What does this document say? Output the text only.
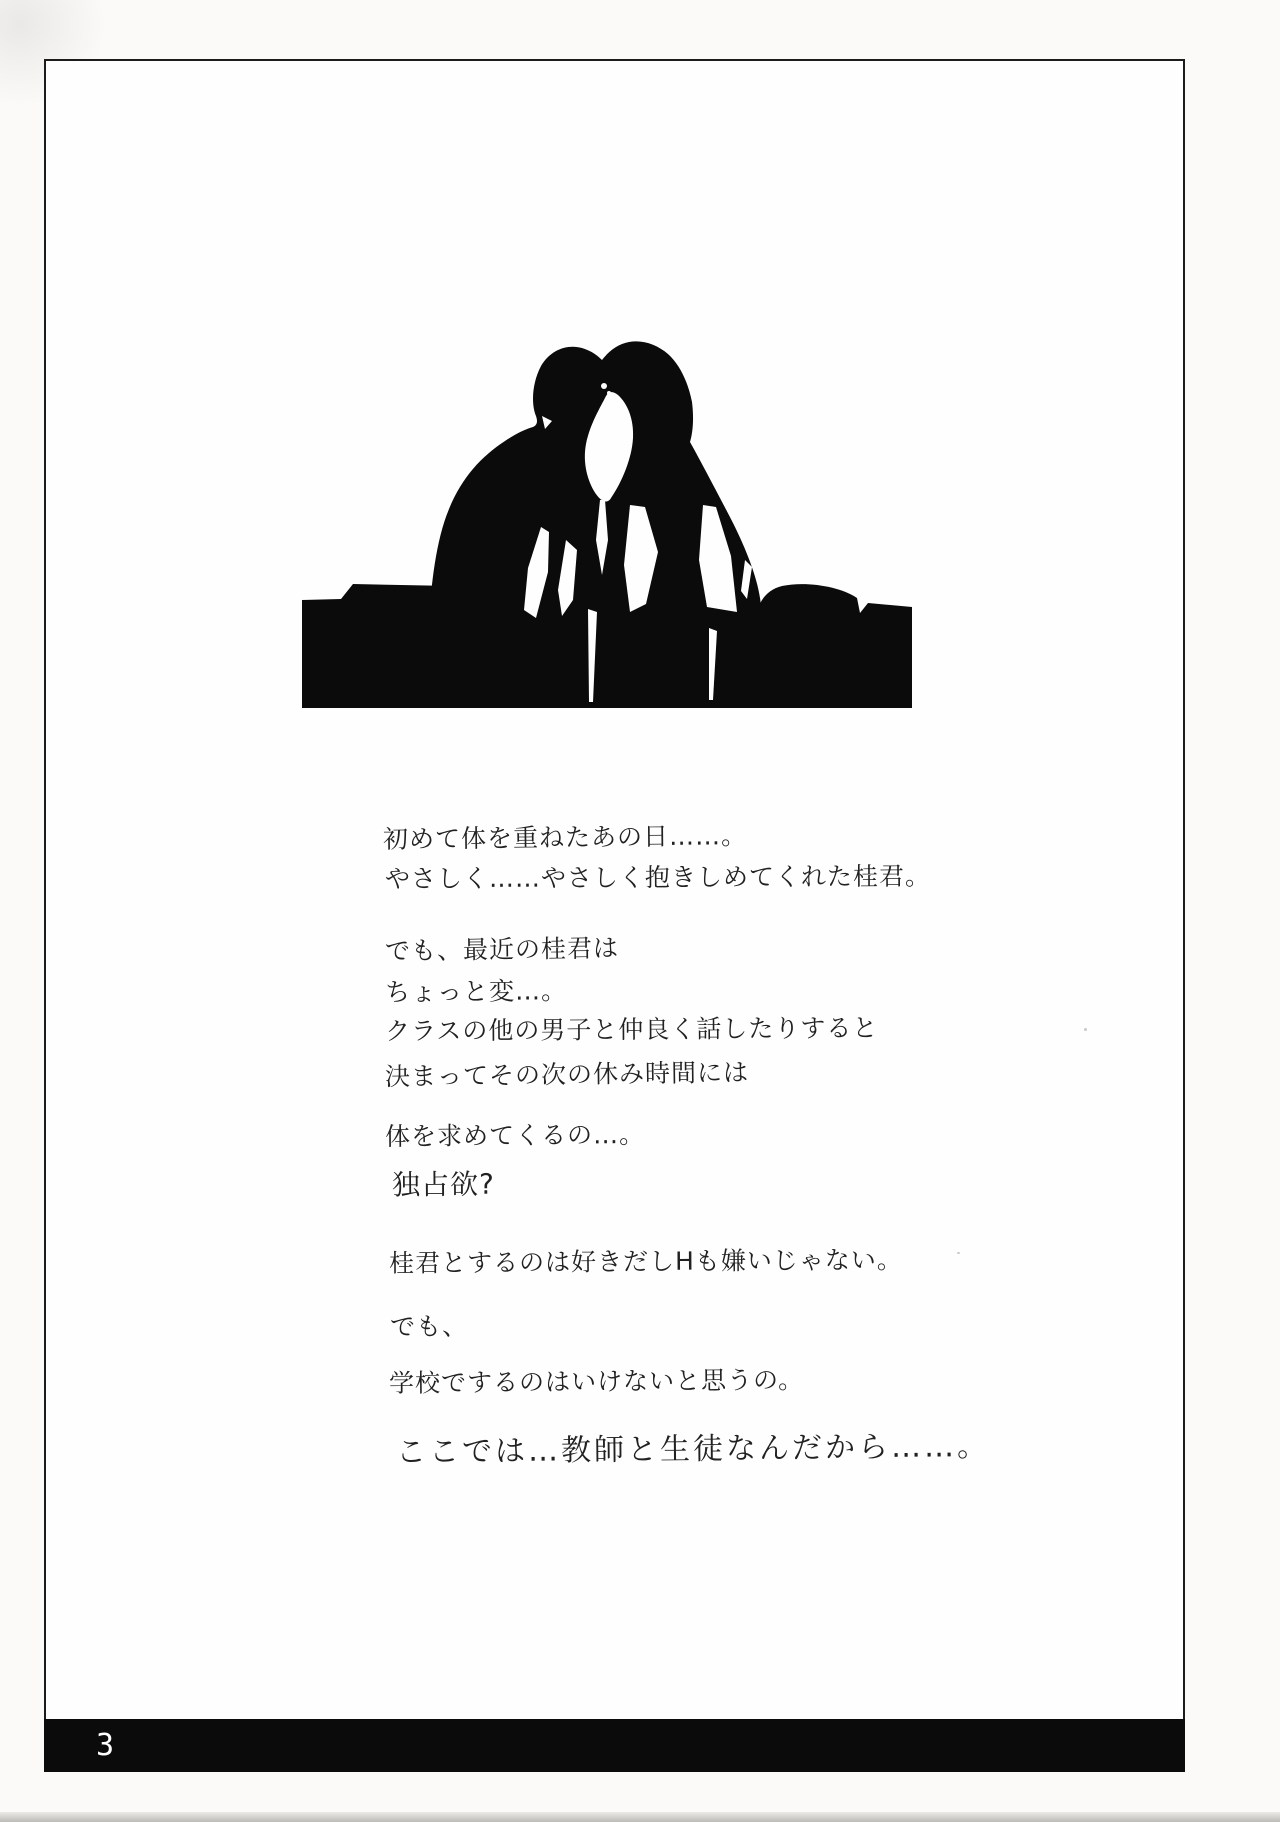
初めて体を重ねたあの日……。
やさしく……やさしく抱きしめてくれた桂君。
でも、最近の桂君は
ちょっと変…。
クラスの他の男子と仲良く話したりすると
決まってその次の休み時間には
体を求めてくるの…。
独占欲?
桂君とするのは好きだしHも嫌いじゃない。
でも、
学校でするのはいけないと思うの。
ここでは…教師と生徒なんだから……。
3
